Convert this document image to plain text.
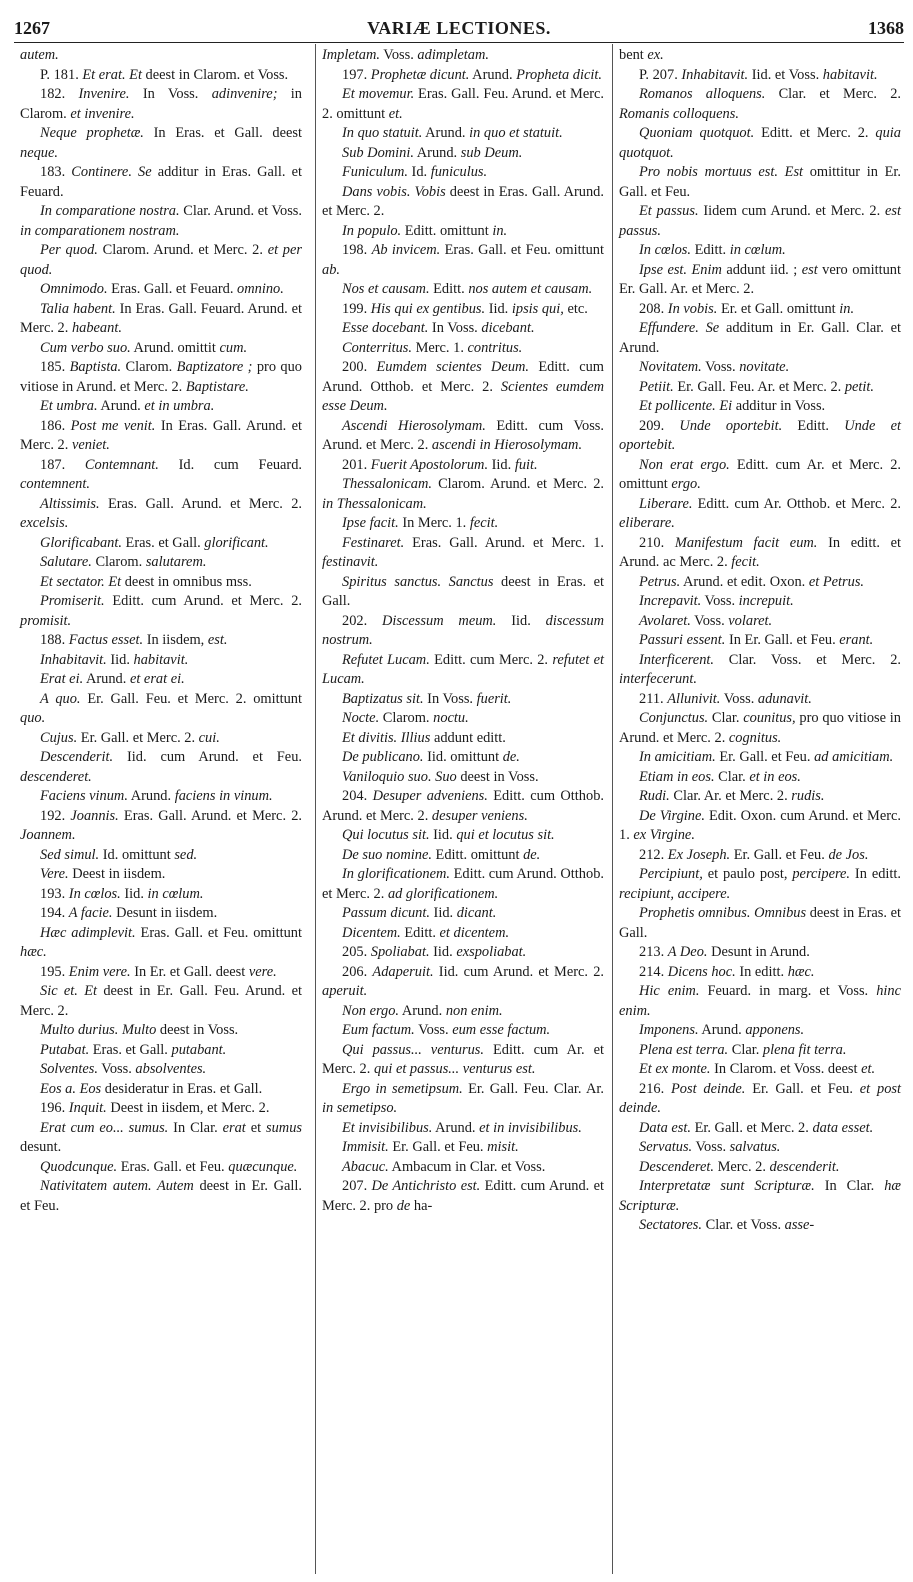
1267	VARIÆ LECTIONES.	1368

autem.

P. 181. Et erat. Et deest in Clarom. et Voss.

182. Invenire. In Voss. adinvenire; in Clarom. et invenire.

Neque prophetæ. In Eras. et Gall. deest neque.

183. Continere. Se additur in Eras. Gall. et Feuard.

In comparatione nostra. Clar. Arund. et Voss. in comparationem nostram.

Per quod. Clarom. Arund. et Merc. 2. et per quod.

Omnimodo. Eras. Gall. et Feuard. omnino.

Talia habent. In Eras. Gall. Feuard. Arund. et Merc. 2. habeant.

Cum verbo suo. Arund. omittit cum.

185. Baptista. Clarom. Baptizatore ; pro quo vitiose in Arund. et Merc. 2. Baptistare.

Et umbra. Arund. et in umbra.

186. Post me venit. In Eras. Gall. Arund. et Merc. 2. veniet.

187. Contemnant. Id. cum Feuard. contemnent.

Altissimis. Eras. Gall. Arund. et Merc. 2. excelsis.

Glorificabant. Eras. et Gall. glorificant.

Salutare. Clarom. salutarem.

Et sectator. Et deest in omnibus mss.

Promiserit. Editt. cum Arund. et Merc. 2. promisit.

188. Factus esset. In iisdem, est.

Inhabitavit. Iid. habitavit.

Erat ei. Arund. et erat ei.

A quo. Er. Gall. Feu. et Merc. 2. omittunt quo.

Cujus. Er. Gall. et Merc. 2. cui.

Descenderit. Iid. cum Arund. et Feu. descenderet.

Faciens vinum. Arund. faciens in vinum.

192. Joannis. Eras. Gall. Arund. et Merc. 2. Joannem.

Sed simul. Id. omittunt sed.

Vere. Deest in iisdem.

193. In cœlos. Iid. in cœlum.

194. A facie. Desunt in iisdem.

Hæc adimplevit. Eras. Gall. et Feu. omittunt hæc.

195. Enim vere. In Er. et Gall. deest vere.

Sic et. Et deest in Er. Gall. Feu. Arund. et Merc. 2.

Multo durius. Multo deest in Voss.

Putabat. Eras. et Gall. putabant.

Solventes. Voss. absolventes.

Eos a. Eos desideratur in Eras. et Gall.

196. Inquit. Deest in iisdem, et Merc. 2.

Erat cum eo... sumus. In Clar. erat et sumus desunt.

Quodcunque. Eras. Gall. et Feu. quæcunque.

Nativitatem autem. Autem deest in Er. Gall. et Feu.

Impletam. Voss. adimpletam.

197. Prophetæ dicunt. Arund. Propheta dicit.

Et movemur. Eras. Gall. Feu. Arund. et Merc. 2. omittunt et.

In quo statuit. Arund. in quo et statuit.

Sub Domini. Arund. sub Deum.

Funiculum. Id. funiculus.

Dans vobis. Vobis deest in Eras. Gall. Arund. et Merc. 2.

In populo. Editt. omittunt in.

198. Ab invicem. Eras. Gall. et Feu. omittunt ab.

Nos et causam. Editt. nos autem et causam.

199. His qui ex gentibus. Iid. ipsis qui, etc.

Esse docebant. In Voss. dicebant.

Conterritus. Merc. 1. contritus.

200. Eumdem scientes Deum. Editt. cum Arund. Otthob. et Merc. 2. Scientes eumdem esse Deum.

Ascendi Hierosolymam. Editt. cum Voss. Arund. et Merc. 2. ascendi in Hierosolymam.

201. Fuerit Apostolorum. Iid. fuit.

Thessalonicam. Clarom. Arund. et Merc. 2. in Thessalonicam.

Ipse facit. In Merc. 1. fecit.

Festinaret. Eras. Gall. Arund. et Merc. 1. festinavit.

Spiritus sanctus. Sanctus deest in Eras. et Gall.

202. Discessum meum. Iid. discessum nostrum.

Refutet Lucam. Editt. cum Merc. 2. refutet et Lucam.

Baptizatus sit. In Voss. fuerit.

Nocte. Clarom. noctu.

Et divitis. Illius addunt editt.

De publicano. Iid. omittunt de.

Vaniloquio suo. Suo deest in Voss.

204. Desuper adveniens. Editt. cum Otthob. Arund. et Merc. 2. desuper veniens.

Qui locutus sit. Iid. qui et locutus sit.

De suo nomine. Editt. omittunt de.

In glorificationem. Editt. cum Arund. Otthob. et Merc. 2. ad glorificationem.

Passum dicunt. Iid. dicant.

Dicentem. Editt. et dicentem.

205. Spoliabat. Iid. exspoliabat.

206. Adaperuit. Iid. cum Arund. et Merc. 2. aperuit.

Non ergo. Arund. non enim.

Eum factum. Voss. eum esse factum.

Qui passus... venturus. Editt. cum Ar. et Merc. 2. qui et passus... venturus est.

Ergo in semetipsum. Er. Gall. Feu. Clar. Ar. in semetipso.

Et invisibilibus. Arund. et in invisibilibus.

Immisit. Er. Gall. et Feu. misit.

Abacuc. Ambacum in Clar. et Voss.

207. De Antichristo est. Editt. cum Arund. et Merc. 2. pro de ha-

bent ex.

P. 207. Inhabitavit. Iid. et Voss. habitavit.

Romanos alloquens. Clar. et Merc. 2. Romanis colloquens.

Quoniam quotquot. Editt. et Merc. 2. quia quotquot.

Pro nobis mortuus est. Est omittitur in Er. Gall. et Feu.

Et passus. Iidem cum Arund. et Merc. 2. est passus.

In cœlos. Editt. in cœlum.

Ipse est. Enim addunt iid. ; est vero omittunt Er. Gall. Ar. et Merc. 2.

208. In vobis. Er. et Gall. omittunt in.

Effundere. Se additum in Er. Gall. Clar. et Arund.

Novitatem. Voss. novitate.

Petiit. Er. Gall. Feu. Ar. et Merc. 2. petit.

Et pollicente. Ei additur in Voss.

209. Unde oportebit. Editt. Unde et oportebit.

Non erat ergo. Editt. cum Ar. et Merc. 2. omittunt ergo.

Liberare. Editt. cum Ar. Otthob. et Merc. 2. eliberare.

210. Manifestum facit eum. In editt. et Arund. ac Merc. 2. fecit.

Petrus. Arund. et edit. Oxon. et Petrus.

Increpavit. Voss. increpuit.

Avolaret. Voss. volaret.

Passuri essent. In Er. Gall. et Feu. erant.

Interficerent. Clar. Voss. et Merc. 2. interfecerunt.

211. Allunivit. Voss. adunavit.

Conjunctus. Clar. counitus, pro quo vitiose in Arund. et Merc. 2. cognitus.

In amicitiam. Er. Gall. et Feu. ad amicitiam.

Etiam in eos. Clar. et in eos.

Rudi. Clar. Ar. et Merc. 2. rudis.

De Virgine. Edit. Oxon. cum Arund. et Merc. 1. ex Virgine.

212. Ex Joseph. Er. Gall. et Feu. de Jos.

Percipiunt, et paulo post, percipere. In editt. recipiunt, accipere.

Prophetis omnibus. Omnibus deest in Eras. et Gall.

213. A Deo. Desunt in Arund.

214. Dicens hoc. In editt. hæc.

Hic enim. Feuard. in marg. et Voss. hinc enim.

Imponens. Arund. apponens.

Plena est terra. Clar. plena fit terra.

Et ex monte. In Clarom. et Voss. deest et.

216. Post deinde. Er. Gall. et Feu. et post deinde.

Data est. Er. Gall. et Merc. 2. data esset.

Servatus. Voss. salvatus.

Descenderet. Merc. 2. descenderit.

Interpretatæ sunt Scripturæ. In Clar. hæ Scripturæ.

Sectatores. Clar. et Voss. asse-
